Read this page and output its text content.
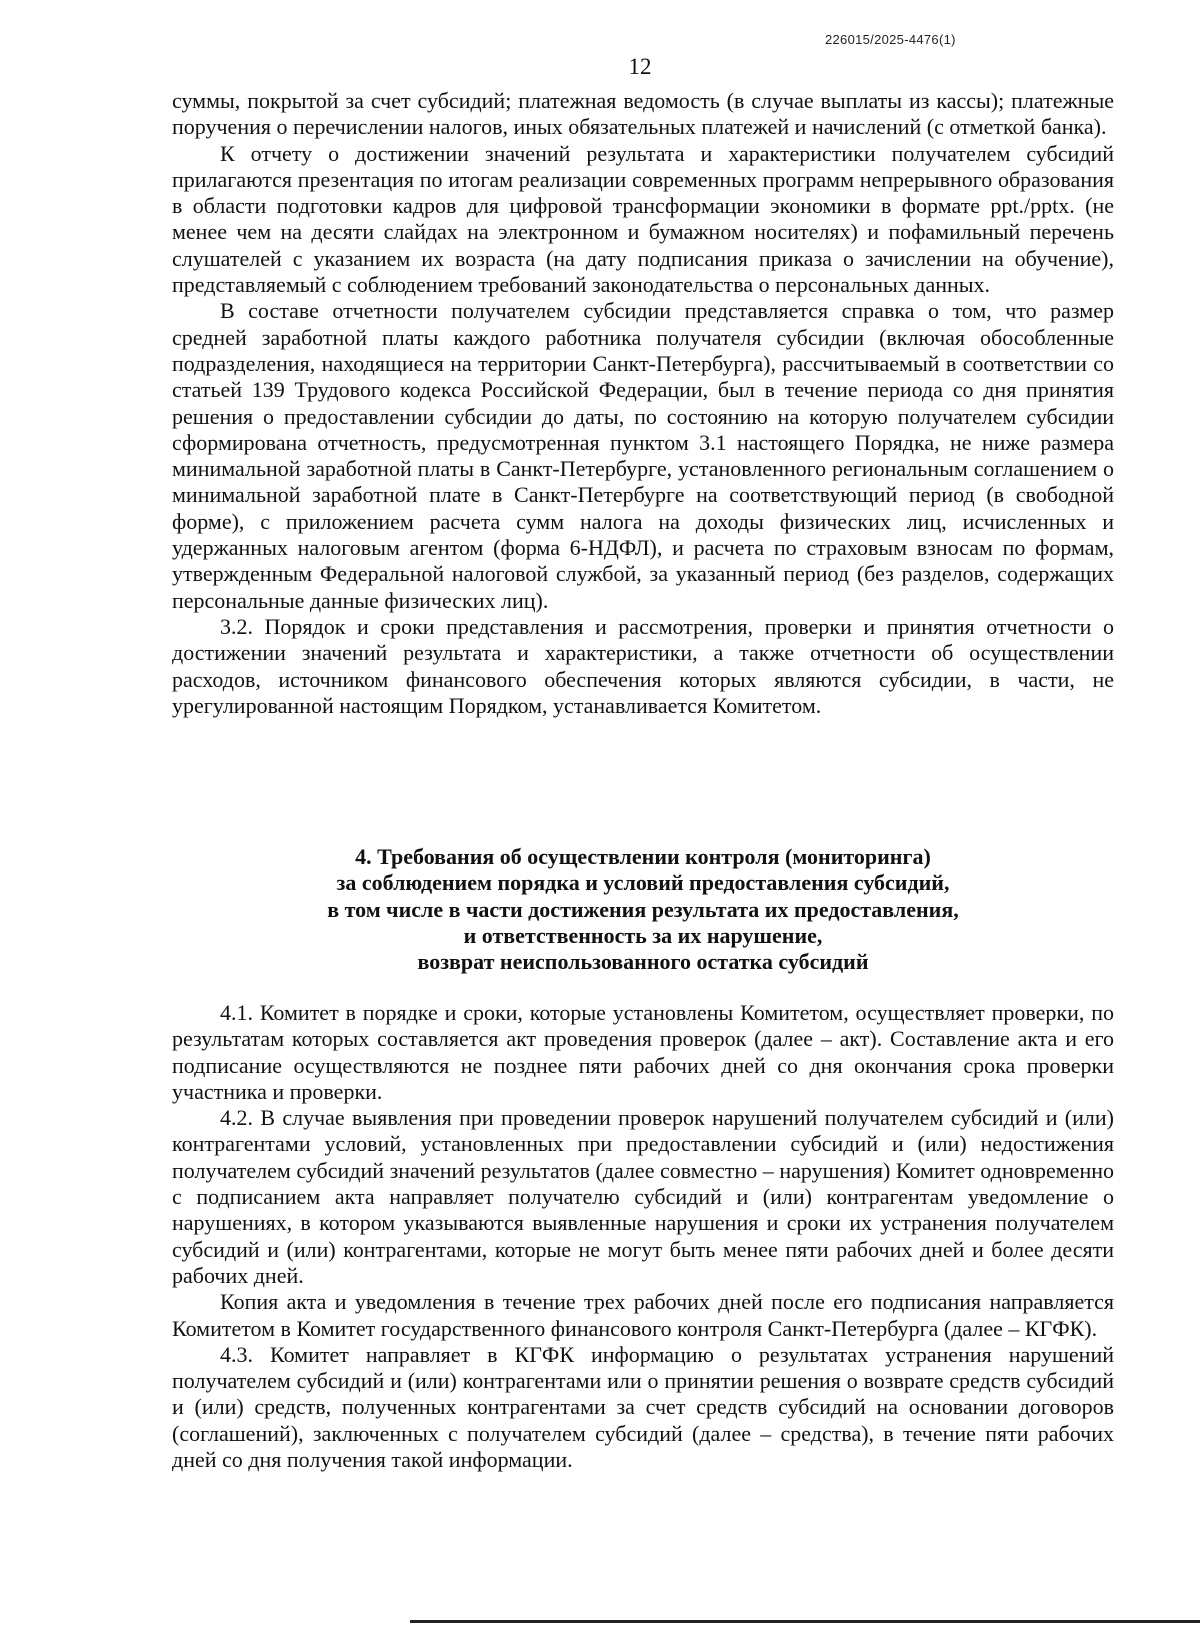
226015/2025-4476(1)
12

суммы, покрытой за счет субсидий; платежная ведомость (в случае выплаты из кассы); платежные поручения о перечислении налогов, иных обязательных платежей и начислений (с отметкой банка).

К отчету о достижении значений результата и характеристики получателем субсидий прилагаются презентация по итогам реализации современных программ непрерывного образования в области подготовки кадров для цифровой трансформации экономики в формате ppt./pptx. (не менее чем на десяти слайдах на электронном и бумажном носителях) и пофамильный перечень слушателей с указанием их возраста (на дату подписания приказа о зачислении на обучение), представляемый с соблюдением требований законодательства о персональных данных.

В составе отчетности получателем субсидии представляется справка о том, что размер средней заработной платы каждого работника получателя субсидии (включая обособленные подразделения, находящиеся на территории Санкт-Петербурга), рассчитываемый в соответствии со статьей 139 Трудового кодекса Российской Федерации, был в течение периода со дня принятия решения о предоставлении субсидии до даты, по состоянию на которую получателем субсидии сформирована отчетность, предусмотренная пунктом 3.1 настоящего Порядка, не ниже размера минимальной заработной платы в Санкт-Петербурге, установленного региональным соглашением о минимальной заработной плате в Санкт-Петербурге на соответствующий период (в свободной форме), с приложением расчета сумм налога на доходы физических лиц, исчисленных и удержанных налоговым агентом (форма 6-НДФЛ), и расчета по страховым взносам по формам, утвержденным Федеральной налоговой службой, за указанный период (без разделов, содержащих персональные данные физических лиц).

3.2. Порядок и сроки представления и рассмотрения, проверки и принятия отчетности о достижении значений результата и характеристики, а также отчетности об осуществлении расходов, источником финансового обеспечения которых являются субсидии, в части, не урегулированной настоящим Порядком, устанавливается Комитетом.

4. Требования об осуществлении контроля (мониторинга)
за соблюдением порядка и условий предоставления субсидий,
в том числе в части достижения результата их предоставления,
и ответственность за их нарушение,
возврат неиспользованного остатка субсидий

4.1. Комитет в порядке и сроки, которые установлены Комитетом, осуществляет проверки, по результатам которых составляется акт проведения проверок (далее – акт). Составление акта и его подписание осуществляются не позднее пяти рабочих дней со дня окончания срока проверки участника и проверки.

4.2. В случае выявления при проведении проверок нарушений получателем субсидий и (или) контрагентами условий, установленных при предоставлении субсидий и (или) недостижения получателем субсидий значений результатов (далее совместно – нарушения) Комитет одновременно с подписанием акта направляет получателю субсидий и (или) контрагентам уведомление о нарушениях, в котором указываются выявленные нарушения и сроки их устранения получателем субсидий и (или) контрагентами, которые не могут быть менее пяти рабочих дней и более десяти рабочих дней.

Копия акта и уведомления в течение трех рабочих дней после его подписания направляется Комитетом в Комитет государственного финансового контроля Санкт-Петербурга (далее – КГФК).

4.3. Комитет направляет в КГФК информацию о результатах устранения нарушений получателем субсидий и (или) контрагентами или о принятии решения о возврате средств субсидий и (или) средств, полученных контрагентами за счет средств субсидий на основании договоров (соглашений), заключенных с получателем субсидий (далее – средства), в течение пяти рабочих дней со дня получения такой информации.
